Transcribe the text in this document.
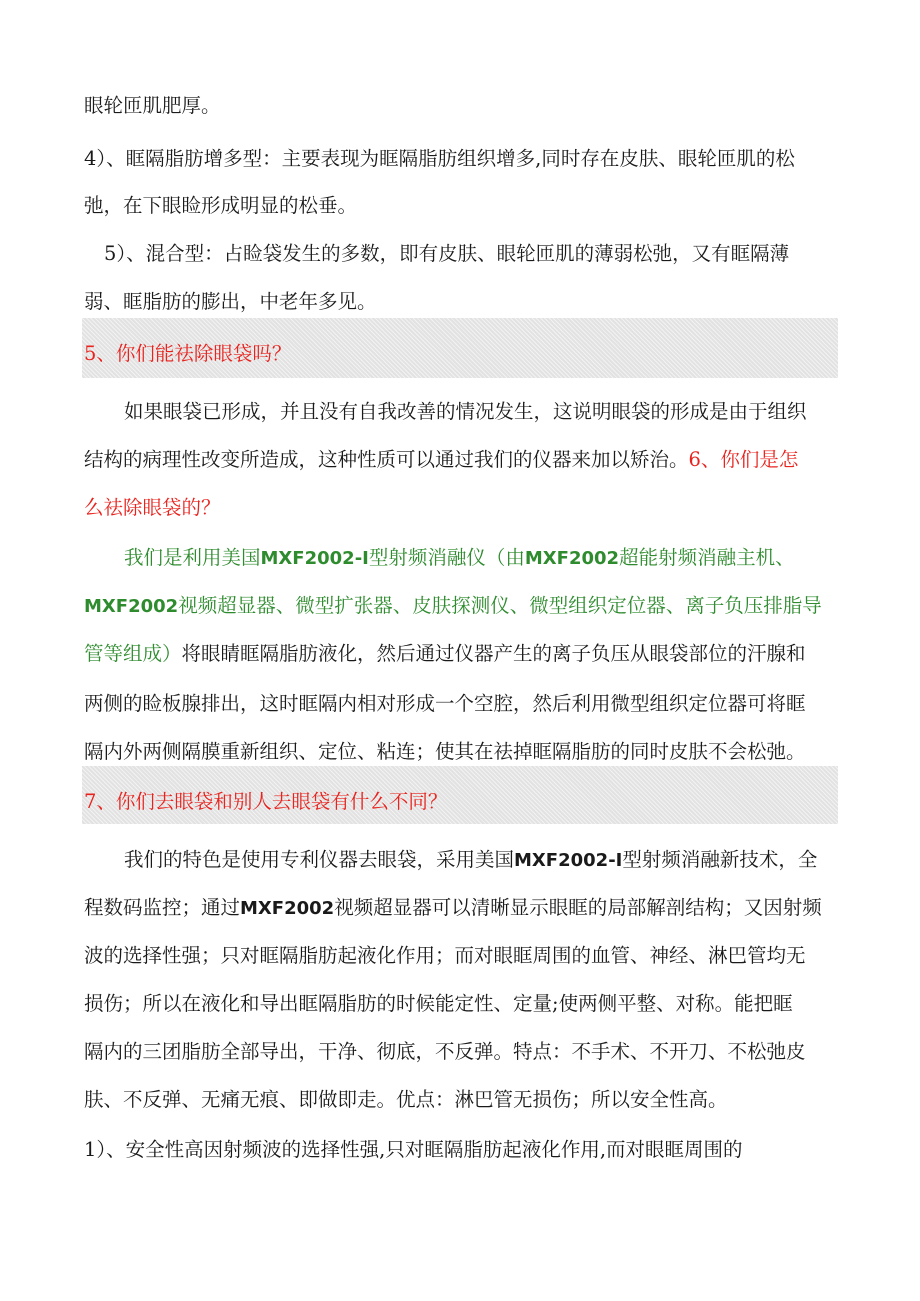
眼轮匝肌肥厚。
4）、眶隔脂肪增多型：主要表现为眶隔脂肪组织增多,同时存在皮肤、眼轮匝肌的松
弛，在下眼睑形成明显的松垂。
5）、混合型：占睑袋发生的多数，即有皮肤、眼轮匝肌的薄弱松弛，又有眶隔薄
弱、眶脂肪的膨出，中老年多见。
5、你们能祛除眼袋吗？
如果眼袋已形成，并且没有自我改善的情况发生，这说明眼袋的形成是由于组织
结构的病理性改变所造成，这种性质可以通过我们的仪器来加以矫治。6、你们是怎
么祛除眼袋的？
我们是利用美国MXF2002-I型射频消融仪（由MXF2002超能射频消融主机、
MXF2002视频超显器、微型扩张器、皮肤探测仪、微型组织定位器、离子负压排脂导
管等组成）将眼睛眶隔脂肪液化，然后通过仪器产生的离子负压从眼袋部位的汗腺和
两侧的睑板腺排出，这时眶隔内相对形成一个空腔，然后利用微型组织定位器可将眶
隔内外两侧隔膜重新组织、定位、粘连；使其在祛掉眶隔脂肪的同时皮肤不会松弛。
7、你们去眼袋和别人去眼袋有什么不同？
我们的特色是使用专利仪器去眼袋，采用美国MXF2002-I型射频消融新技术，全
程数码监控；通过MXF2002视频超显器可以清晰显示眼眶的局部解剖结构；又因射频
波的选择性强；只对眶隔脂肪起液化作用；而对眼眶周围的血管、神经、淋巴管均无
损伤；所以在液化和导出眶隔脂肪的时候能定性、定量;使两侧平整、对称。能把眶
隔内的三团脂肪全部导出，干净、彻底，不反弹。特点：不手术、不开刀、不松弛皮
肤、不反弹、无痛无痕、即做即走。优点：淋巴管无损伤；所以安全性高。
1）、安全性高因射频波的选择性强,只对眶隔脂肪起液化作用,而对眼眶周围的
